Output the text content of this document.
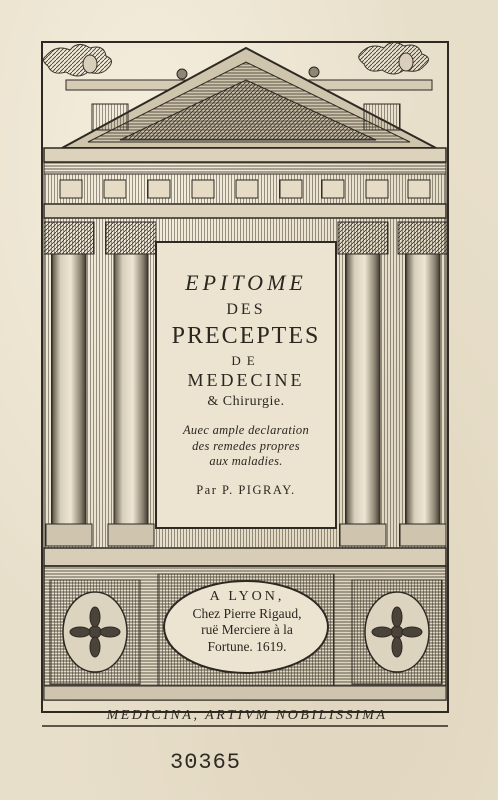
EPITOME
DES
PRECEPTES
DE
MEDECINE
& Chirurgie.
Auec ample declaration
des remedes propres
aux maladies.
Par P. PIGRAY.
A LYON,
Chez Pierre Rigaud,
ruë Merciere à la
Fortune. 1619.
MEDICINA, ARTIVM NOBILISSIMA
30365
